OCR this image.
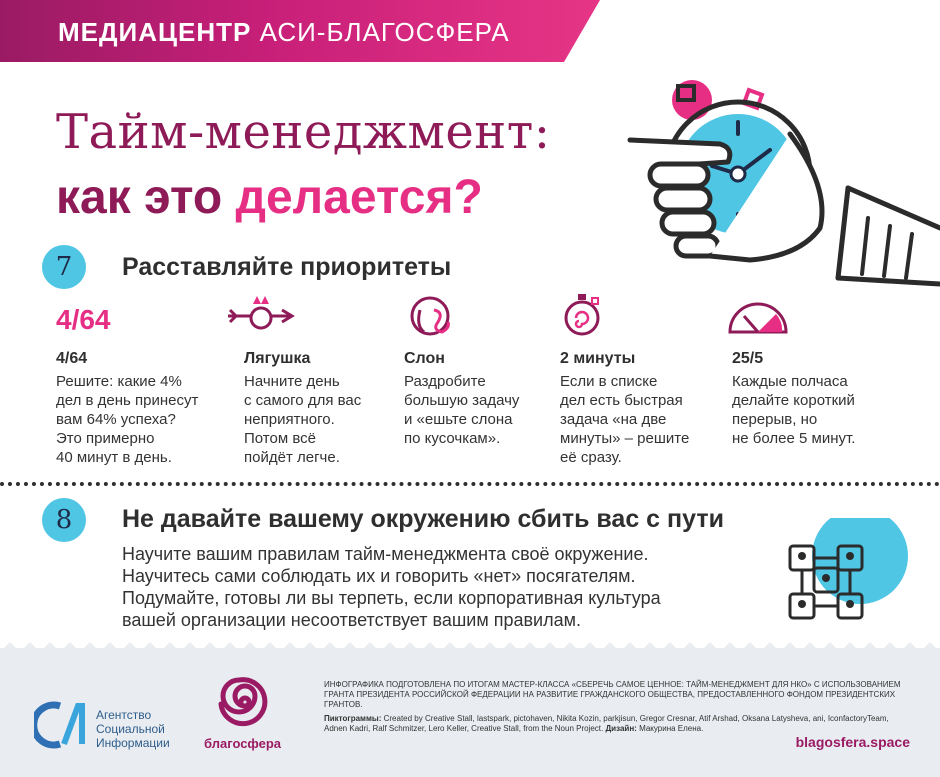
МЕДИАЦЕНТР АСИ-БЛАГОСФЕРА
Тайм-менеджмент:
как это делается?
7	Расставляйте приоритеты
4/64
4/64
Решите: какие 4%
дел в день принесут
вам 64% успеха?
Это примерно
40 минут в день.
Лягушка
Начните день
с самого для вас
неприятного.
Потом всё
пойдёт легче.
Слон
Раздробите
большую задачу
и «ешьте слона
по кусочкам».
2 минуты
Если в списке
дел есть быстрая
задача «на две
минуты» – решите
её сразу.
25/5
Каждые полчаса
делайте короткий
перерыв, но
не более 5 минут.
8	Не давайте вашему окружению сбить вас с пути
Научите вашим правилам тайм-менеджмента своё окружение.
Научитесь сами соблюдать их и говорить «нет» посягателям.
Подумайте, готовы ли вы терпеть, если корпоративная культура
вашей организации несоответствует вашим правилам.
Агентство
Социальной
Информации	благосфера
ИНФОГРАФИКА ПОДГОТОВЛЕНА ПО ИТОГАМ МАСТЕР-КЛАССА «СБЕРЕЧЬ САМОЕ ЦЕННОЕ: ТАЙМ-МЕНЕДЖМЕНТ ДЛЯ НКО» С ИСПОЛЬЗОВАНИЕМ ГРАНТА ПРЕЗИДЕНТА РОССИЙСКОЙ ФЕДЕРАЦИИ НА РАЗВИТИЕ ГРАЖДАНСКОГО ОБЩЕСТВА, ПРЕДОСТАВЛЕННОГО ФОНДОМ ПРЕЗИДЕНТСКИХ ГРАНТОВ.
Пиктограммы: Created by Creative Stall, lastspark, pictohaven, Nikita Kozin, parkjisun, Gregor Cresnar, Atif Arshad, Oksana Latysheva, ani, IconfactoryTeam, Adnen Kadri, Ralf Schmitzer, Lero Keller, Creative Stall, from the Noun Project. Дизайн: Макурина Елена.
blagosfera.space
